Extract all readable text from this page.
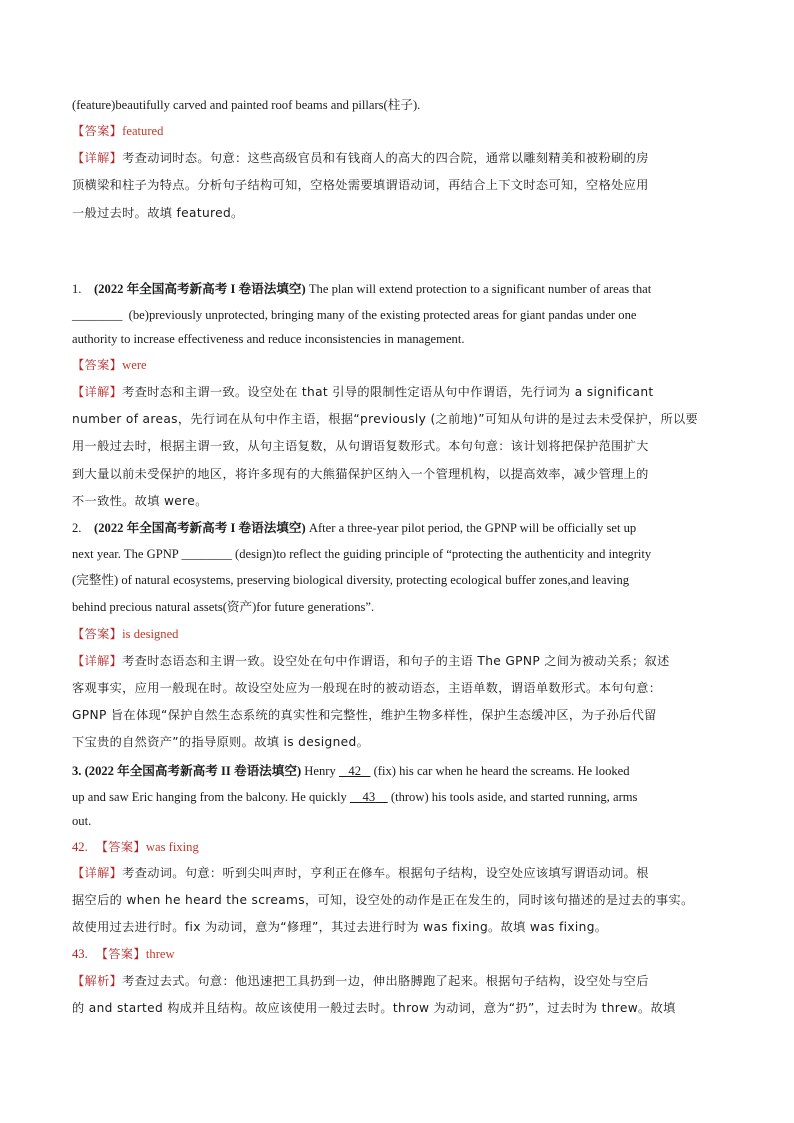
(feature)beautifully carved and painted roof beams and pillars(柱子).
【答案】featured
【详解】考查动词时态。句意：这些高级官员和有钱商人的高大的四合院，通常以雕刻精美和被粉刷的房
顶横梁和柱子为特点。分析句子结构可知，空格处需要填谓语动词，再结合上下文时态可知，空格处应用
一般过去时。故填 featured。
1. (2022 年全国高考新高考 I 卷语法填空) The plan will extend protection to a significant number of areas that
________ (be)previously unprotected, bringing many of the existing protected areas for giant pandas under one
authority to increase effectiveness and reduce inconsistencies in management.
【答案】were
【详解】考查时态和主谓一致。设空处在 that 引导的限制性定语从句中作谓语，先行词为 a significant
number of areas，先行词在从句中作主语，根据“previously (之前地)”可知从句讲的是过去未受保护，所以要
用一般过去时，根据主谓一致，从句主语复数，从句谓语复数形式。本句句意：该计划将把保护范围扩大
到大量以前未受保护的地区，将许多现有的大熊猫保护区纳入一个管理机构，以提高效率，减少管理上的
不一致性。故填 were。
2. (2022 年全国高考新高考 I 卷语法填空) After a three-year pilot period, the GPNP will be officially set up
next year. The GPNP ________ (design)to reflect the guiding principle of “protecting the authenticity and integrity
(完整性) of natural ecosystems, preserving biological diversity, protecting ecological buffer zones,and leaving
behind precious natural assets(资产)for future generations”.
【答案】is designed
【详解】考查时态语态和主谓一致。设空处在句中作谓语，和句子的主语 The GPNP 之间为被动关系；叙述
客观事实，应用一般现在时。故设空处应为一般现在时的被动语态，主语单数，谓语单数形式。本句句意：
GPNP 旨在体现“保护自然生态系统的真实性和完整性，维护生物多样性，保护生态缓冲区，为子孙后代留
下宝贵的自然资产”的指导原则。故填 is designed。
3. (2022 年全国高考新高考 II 卷语法填空) Henry 42 (fix) his car when he heard the screams. He looked
up and saw Eric hanging from the balcony. He quickly 43 (throw) his tools aside, and started running, arms
out.
42. 【答案】was fixing
【详解】考查动词。句意：听到尖叫声时，亨利正在修车。根据句子结构，设空处应该填写谓语动词。根
据空后的 when he heard the screams，可知，设空处的动作是正在发生的，同时该句描述的是过去的事实。
故使用过去进行时。fix 为动词，意为“修理”，其过去进行时为 was fixing。故填 was fixing。
43. 【答案】threw
【解析】考查过去式。句意：他迅速把工具扔到一边，伸出胳膊跑了起来。根据句子结构，设空处与空后
的 and started 构成并且结构。故应该使用一般过去时。throw 为动词，意为“扔”，过去时为 threw。故填
